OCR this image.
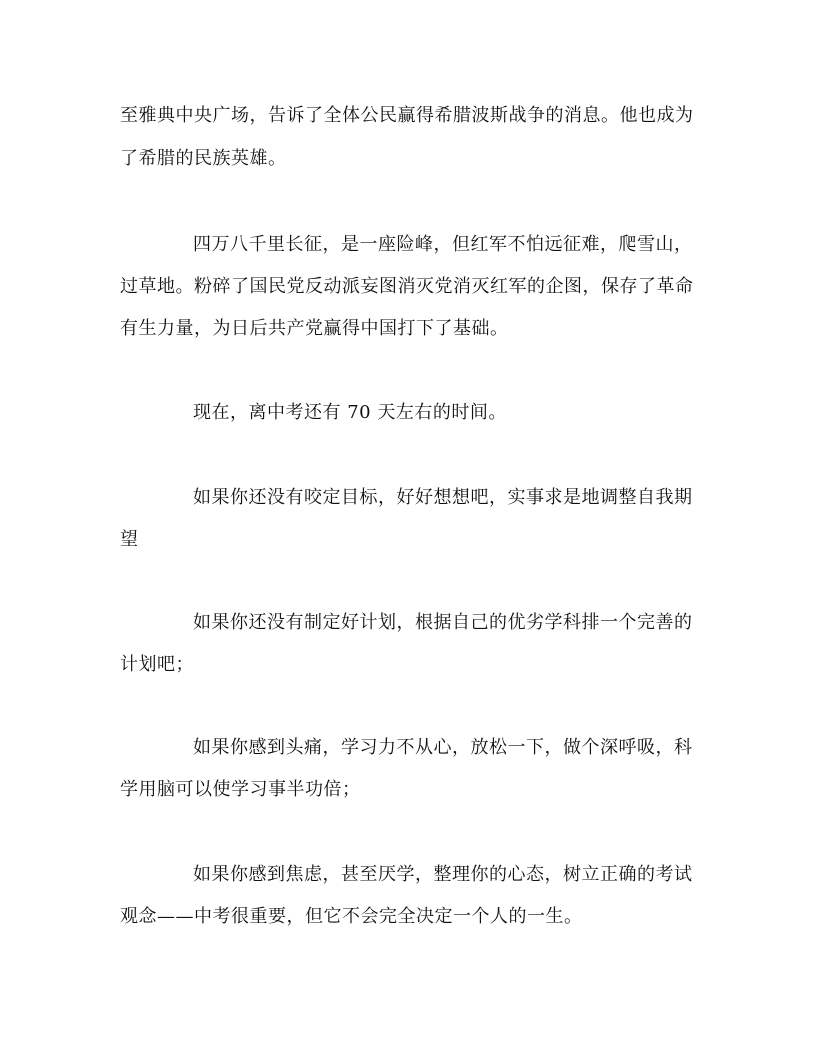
至雅典中央广场，告诉了全体公民赢得希腊波斯战争的消息。他也成为
了希腊的民族英雄。
四万八千里长征，是一座险峰，但红军不怕远征难，爬雪山，
过草地。粉碎了国民党反动派妄图消灭党消灭红军的企图，保存了革命
有生力量，为日后共产党赢得中国打下了基础。
现在，离中考还有 70 天左右的时间。
如果你还没有咬定目标，好好想想吧，实事求是地调整自我期
望
如果你还没有制定好计划，根据自己的优劣学科排一个完善的
计划吧；
如果你感到头痛，学习力不从心，放松一下，做个深呼吸，科
学用脑可以使学习事半功倍；
如果你感到焦虑，甚至厌学，整理你的心态，树立正确的考试
观念——中考很重要，但它不会完全决定一个人的一生。
